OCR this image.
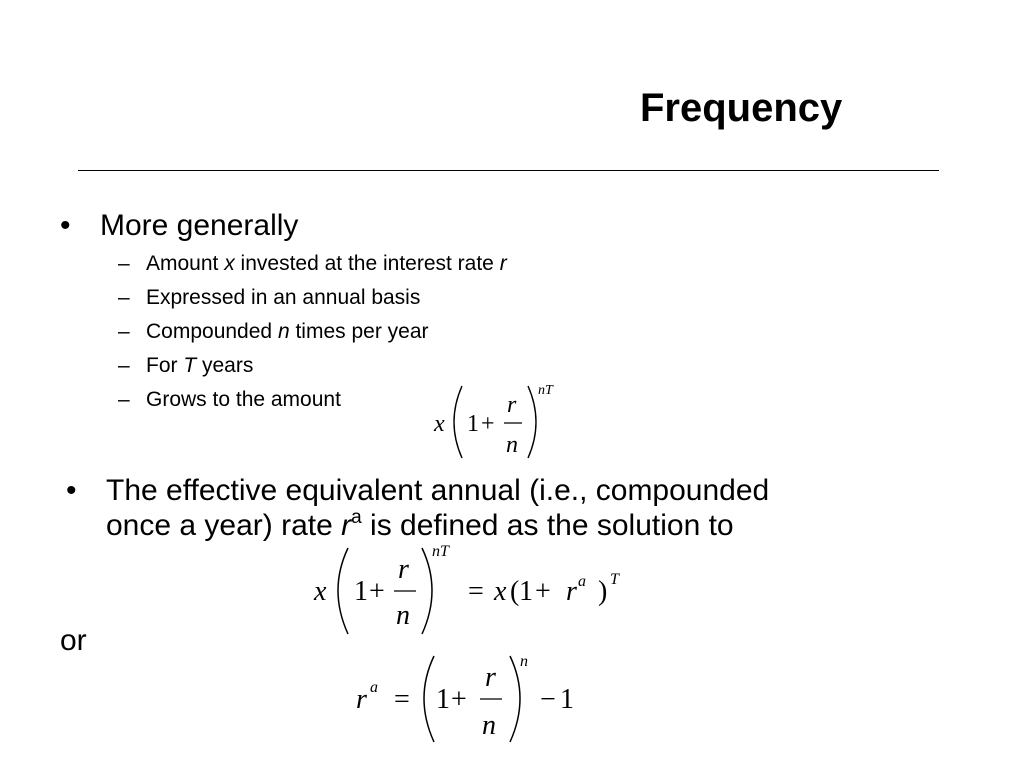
Frequency
• More generally
– Amount x invested at the interest rate r
– Expressed in an annual basis
– Compounded n times per year
– For T years
– Grows to the amount
x 1 +
r
n
nT
• The effective equivalent annual (i.e., compounded
once a year) rate $r^a$ is defined as the solution to
x 1 +
r
n
nT
= x ( 1 + r a ) T
or
r a = 1 +
r
n
n
− 1
